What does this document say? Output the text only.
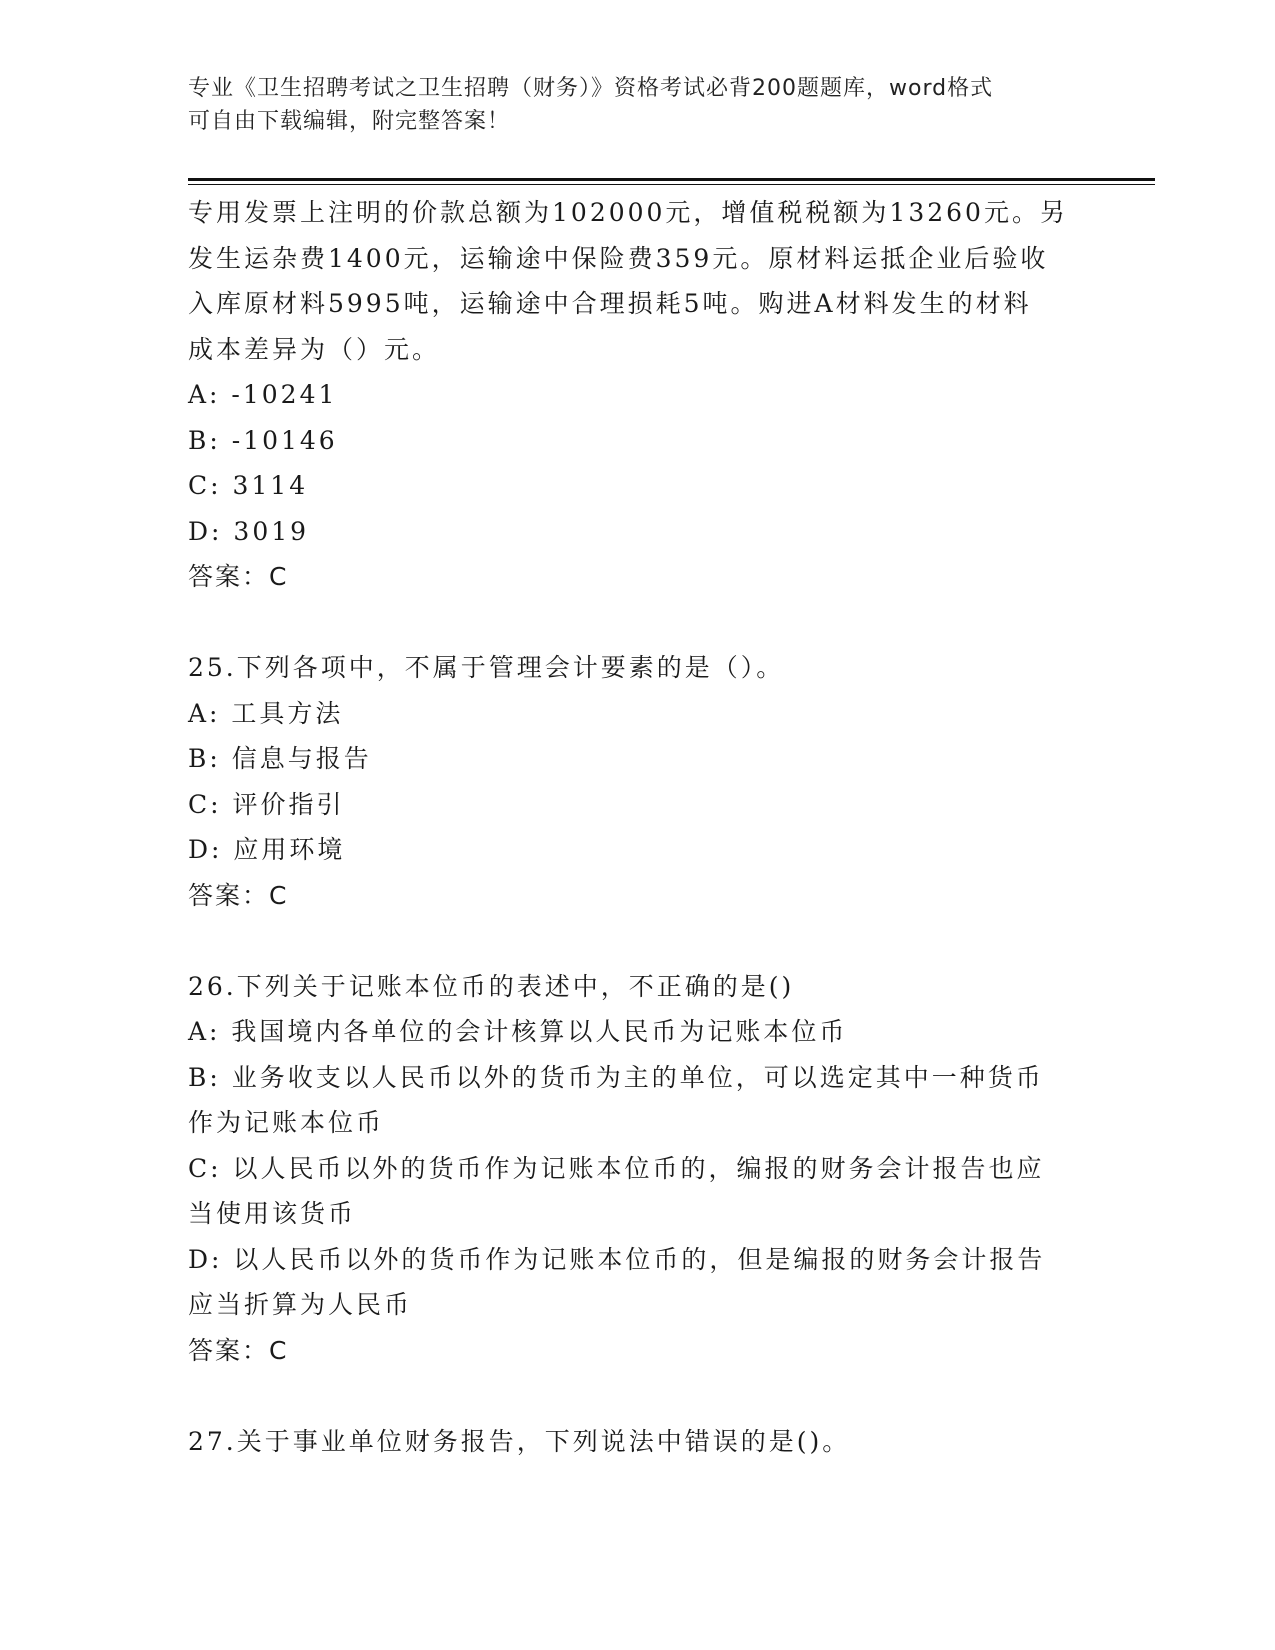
专业《卫生招聘考试之卫生招聘（财务）》资格考试必背200题题库，word格式
可自由下载编辑，附完整答案！

专用发票上注明的价款总额为102000元，增值税税额为13260元。另

发生运杂费1400元，运输途中保险费359元。原材料运抵企业后验收

入库原材料5995吨，运输途中合理损耗5吨。购进A材料发生的材料

成本差异为（）元。

A: -10241

B: -10146

C: 3114

D: 3019

答案：C

25.下列各项中，不属于管理会计要素的是（）。

A: 工具方法

B: 信息与报告

C: 评价指引

D: 应用环境

答案：C

26.下列关于记账本位币的表述中，不正确的是()

A: 我国境内各单位的会计核算以人民币为记账本位币

B: 业务收支以人民币以外的货币为主的单位，可以选定其中一种货币

作为记账本位币

C: 以人民币以外的货币作为记账本位币的，编报的财务会计报告也应

当使用该货币

D: 以人民币以外的货币作为记账本位币的，但是编报的财务会计报告

应当折算为人民币

答案：C

27.关于事业单位财务报告，下列说法中错误的是()。
